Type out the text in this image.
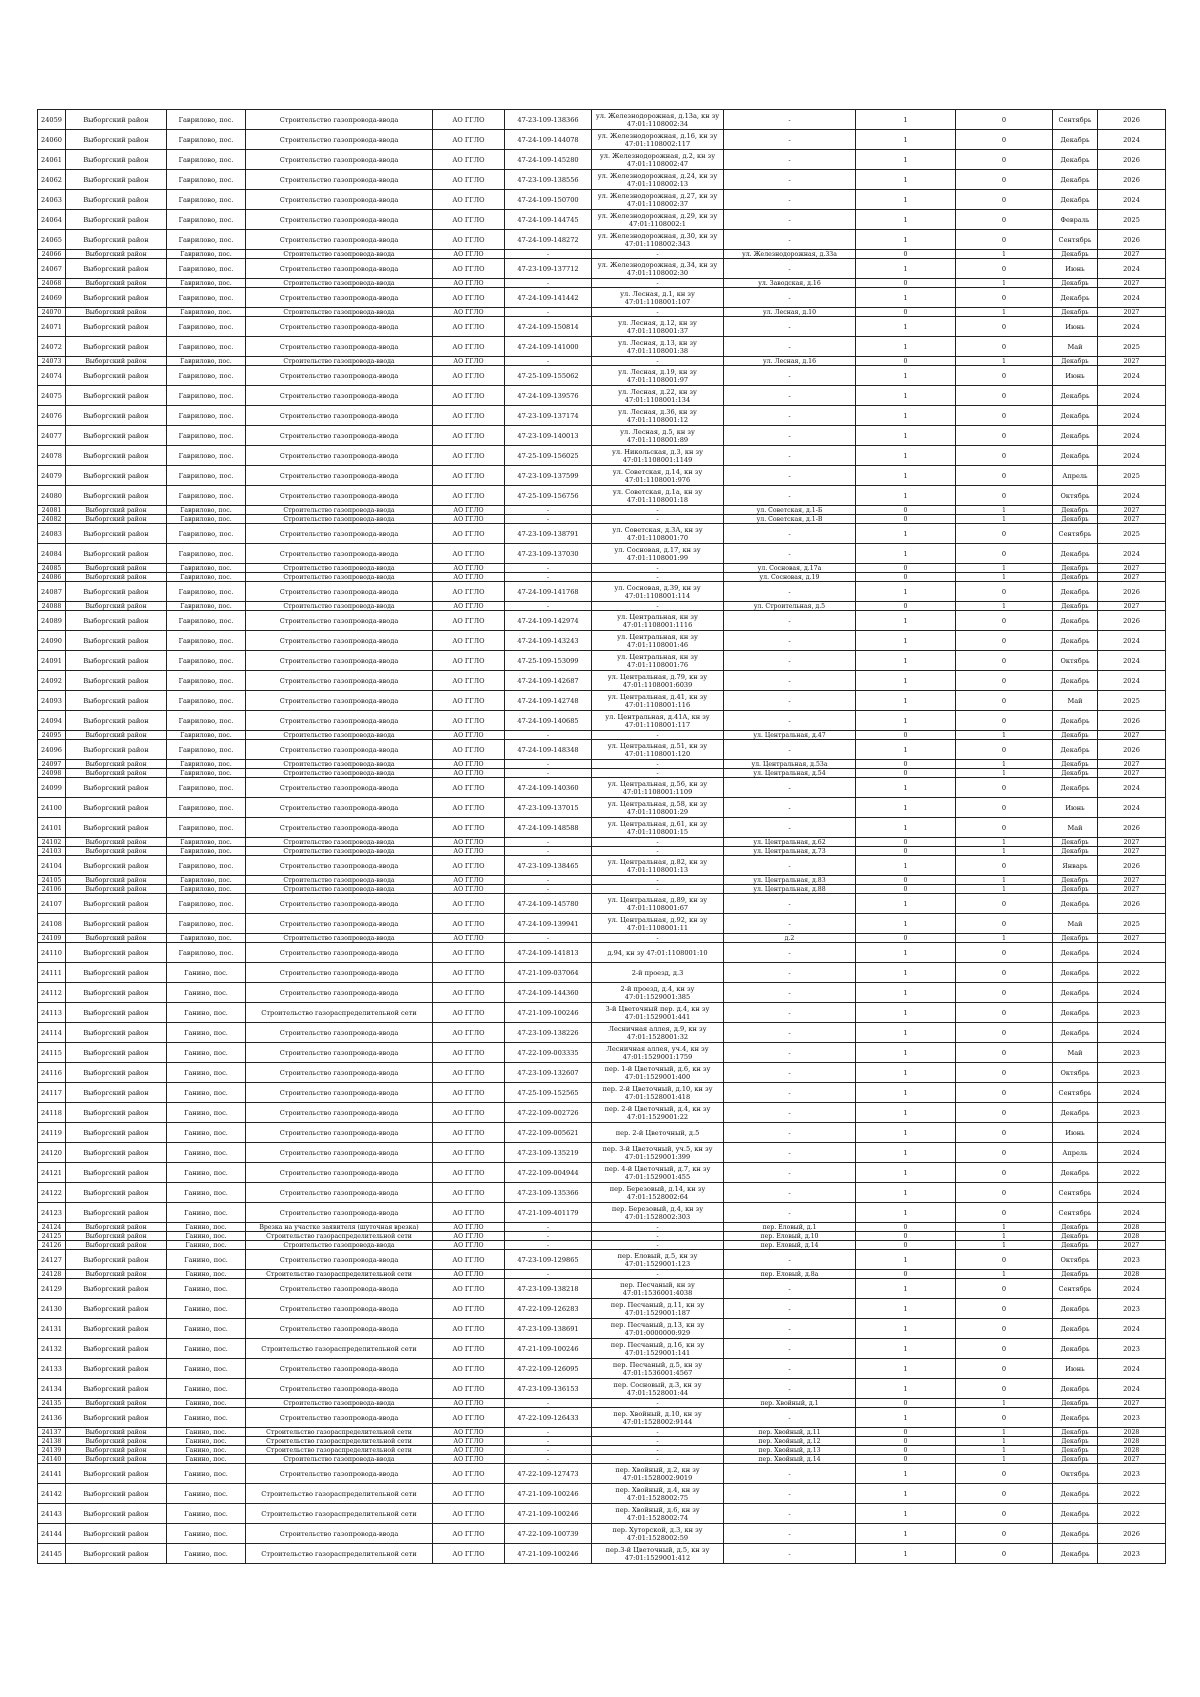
24059	Выборгский район	Гаврилово, пос.	Строительство газопровода-ввода	АО ГГЛО	47-23-109-138366	ул. Железнодорожная, д.13а, кн зу 47:01:1108002:34	-	1	0	Сентябрь	2026
24060	Выборгский район	Гаврилово, пос.	Строительство газопровода-ввода	АО ГГЛО	47-24-109-144078	ул. Железнодорожная, д.16, кн зу 47:01:1108002:117	-	1	0	Декабрь	2024
24061	Выборгский район	Гаврилово, пос.	Строительство газопровода-ввода	АО ГГЛО	47-24-109-145280	ул. Железнодорожная, д.2, кн зу 47:01:1108002:47	-	1	0	Декабрь	2026
24062	Выборгский район	Гаврилово, пос.	Строительство газопровода-ввода	АО ГГЛО	47-23-109-138556	ул. Железнодорожная, д.24, кн зу 47:01:1108002:13	-	1	0	Декабрь	2026
24063	Выборгский район	Гаврилово, пос.	Строительство газопровода-ввода	АО ГГЛО	47-24-109-150700	ул. Железнодорожная, д.27, кн зу 47:01:1108002:37	-	1	0	Декабрь	2024
24064	Выборгский район	Гаврилово, пос.	Строительство газопровода-ввода	АО ГГЛО	47-24-109-144745	ул. Железнодорожная, д.29, кн зу 47:01:1108002:1	-	1	0	Февраль	2025
24065	Выборгский район	Гаврилово, пос.	Строительство газопровода-ввода	АО ГГЛО	47-24-109-148272	ул. Железнодорожная, д.30, кн зу 47:01:1108002:343	-	1	0	Сентябрь	2026
24066	Выборгский район	Гаврилово, пос.	Строительство газопровода-ввода	АО ГГЛО	-	-	ул. Железнодорожная, д.33а	0	1	Декабрь	2027
24067	Выборгский район	Гаврилово, пос.	Строительство газопровода-ввода	АО ГГЛО	47-23-109-137712	ул. Железнодорожная, д.34, кн зу 47:01:1108002:30	-	1	0	Июнь	2024
24068	Выборгский район	Гаврилово, пос.	Строительство газопровода-ввода	АО ГГЛО	-	-	ул. Заводская, д.16	0	1	Декабрь	2027
24069	Выборгский район	Гаврилово, пос.	Строительство газопровода-ввода	АО ГГЛО	47-24-109-141442	ул. Лесная, д.1, кн зу 47:01:1108001:107	-	1	0	Декабрь	2024
24070	Выборгский район	Гаврилово, пос.	Строительство газопровода-ввода	АО ГГЛО	-	-	ул. Лесная, д.10	0	1	Декабрь	2027
24071	Выборгский район	Гаврилово, пос.	Строительство газопровода-ввода	АО ГГЛО	47-24-109-150814	ул. Лесная, д.12, кн зу 47:01:1108001:37	-	1	0	Июнь	2024
24072	Выборгский район	Гаврилово, пос.	Строительство газопровода-ввода	АО ГГЛО	47-24-109-141000	ул. Лесная, д.13, кн зу 47:01:1108001:38	-	1	0	Май	2025
24073	Выборгский район	Гаврилово, пос.	Строительство газопровода-ввода	АО ГГЛО	-	-	ул. Лесная, д.16	0	1	Декабрь	2027
24074	Выборгский район	Гаврилово, пос.	Строительство газопровода-ввода	АО ГГЛО	47-25-109-155062	ул. Лесная, д.19, кн зу 47:01:1108001:97	-	1	0	Июнь	2024
24075	Выборгский район	Гаврилово, пос.	Строительство газопровода-ввода	АО ГГЛО	47-24-109-139576	ул. Лесная, д.22, кн зу 47:01:1108001:134	-	1	0	Декабрь	2024
24076	Выборгский район	Гаврилово, пос.	Строительство газопровода-ввода	АО ГГЛО	47-23-109-137174	ул. Лесная, д.36, кн зу 47:01:1108001:12	-	1	0	Декабрь	2024
24077	Выборгский район	Гаврилово, пос.	Строительство газопровода-ввода	АО ГГЛО	47-23-109-140013	ул. Лесная, д.5, кн зу 47:01:1108001:89	-	1	0	Декабрь	2024
24078	Выборгский район	Гаврилово, пос.	Строительство газопровода-ввода	АО ГГЛО	47-25-109-156025	ул. Никольская, д.3, кн зу 47:01:1108001:1149	-	1	0	Декабрь	2024
24079	Выборгский район	Гаврилово, пос.	Строительство газопровода-ввода	АО ГГЛО	47-23-109-137599	ул. Советская, д.14, кн зу 47:01:1108001:976	-	1	0	Апрель	2025
24080	Выборгский район	Гаврилово, пос.	Строительство газопровода-ввода	АО ГГЛО	47-25-109-156756	ул. Советская, д.1а, кн зу 47:01:1108001:18	-	1	0	Октябрь	2024
24081	Выборгский район	Гаврилово, пос.	Строительство газопровода-ввода	АО ГГЛО	-	-	ул. Советская, д.1-Б	0	1	Декабрь	2027
24082	Выборгский район	Гаврилово, пос.	Строительство газопровода-ввода	АО ГГЛО	-	-	ул. Советская, д.1-В	0	1	Декабрь	2027
24083	Выборгский район	Гаврилово, пос.	Строительство газопровода-ввода	АО ГГЛО	47-23-109-138791	ул. Советская, д.3А, кн зу 47:01:1108001:70	-	1	0	Сентябрь	2025
24084	Выборгский район	Гаврилово, пос.	Строительство газопровода-ввода	АО ГГЛО	47-23-109-137030	ул. Сосновая, д.17, кн зу 47:01:1108001:99	-	1	0	Декабрь	2024
24085	Выборгский район	Гаврилово, пос.	Строительство газопровода-ввода	АО ГГЛО	-	-	ул. Сосновая, д.17а	0	1	Декабрь	2027
24086	Выборгский район	Гаврилово, пос.	Строительство газопровода-ввода	АО ГГЛО	-	-	ул. Сосновая, д.19	0	1	Декабрь	2027
24087	Выборгский район	Гаврилово, пос.	Строительство газопровода-ввода	АО ГГЛО	47-24-109-141768	ул. Сосновая, д.39, кн зу 47:01:1108001:114	-	1	0	Декабрь	2026
24088	Выборгский район	Гаврилово, пос.	Строительство газопровода-ввода	АО ГГЛО	-	-	ул. Строительная, д.5	0	1	Декабрь	2027
24089	Выборгский район	Гаврилово, пос.	Строительство газопровода-ввода	АО ГГЛО	47-24-109-142974	ул. Центральная, кн зу 47:01:1108001:1116	-	1	0	Декабрь	2026
24090	Выборгский район	Гаврилово, пос.	Строительство газопровода-ввода	АО ГГЛО	47-24-109-143243	ул. Центральная, кн зу 47:01:1108001:46	-	1	0	Декабрь	2024
24091	Выборгский район	Гаврилово, пос.	Строительство газопровода-ввода	АО ГГЛО	47-25-109-153099	ул. Центральная, кн зу 47:01:1108001:76	-	1	0	Октябрь	2024
24092	Выборгский район	Гаврилово, пос.	Строительство газопровода-ввода	АО ГГЛО	47-24-109-142687	ул. Центральная, д.79, кн зу 47:01:1108001:6039	-	1	0	Декабрь	2024
24093	Выборгский район	Гаврилово, пос.	Строительство газопровода-ввода	АО ГГЛО	47-24-109-142748	ул. Центральная, д.41, кн зу 47:01:1108001:116	-	1	0	Май	2025
24094	Выборгский район	Гаврилово, пос.	Строительство газопровода-ввода	АО ГГЛО	47-24-109-140685	ул. Центральная, д.41А, кн зу 47:01:1108001:117	-	1	0	Декабрь	2026
24095	Выборгский район	Гаврилово, пос.	Строительство газопровода-ввода	АО ГГЛО	-	-	ул. Центральная, д.47	0	1	Декабрь	2027
24096	Выборгский район	Гаврилово, пос.	Строительство газопровода-ввода	АО ГГЛО	47-24-109-148348	ул. Центральная, д.51, кн зу 47:01:1108001:120	-	1	0	Декабрь	2026
24097	Выборгский район	Гаврилово, пос.	Строительство газопровода-ввода	АО ГГЛО	-	-	ул. Центральная, д.53а	0	1	Декабрь	2027
24098	Выборгский район	Гаврилово, пос.	Строительство газопровода-ввода	АО ГГЛО	-	-	ул. Центральная, д.54	0	1	Декабрь	2027
24099	Выборгский район	Гаврилово, пос.	Строительство газопровода-ввода	АО ГГЛО	47-24-109-140360	ул. Центральная, д.56, кн зу 47:01:1108001:1109	-	1	0	Декабрь	2024
24100	Выборгский район	Гаврилово, пос.	Строительство газопровода-ввода	АО ГГЛО	47-23-109-137015	ул. Центральная, д.58, кн зу 47:01:1108001:29	-	1	0	Июнь	2024
24101	Выборгский район	Гаврилово, пос.	Строительство газопровода-ввода	АО ГГЛО	47-24-109-148588	ул. Центральная, д.61, кн зу 47:01:1108001:15	-	1	0	Май	2026
24102	Выборгский район	Гаврилово, пос.	Строительство газопровода-ввода	АО ГГЛО	-	-	ул. Центральная, д.62	0	1	Декабрь	2027
24103	Выборгский район	Гаврилово, пос.	Строительство газопровода-ввода	АО ГГЛО	-	-	ул. Центральная, д.73	0	1	Декабрь	2027
24104	Выборгский район	Гаврилово, пос.	Строительство газопровода-ввода	АО ГГЛО	47-23-109-138465	ул. Центральная, д.82, кн зу 47:01:1108001:13	-	1	0	Январь	2026
24105	Выборгский район	Гаврилово, пос.	Строительство газопровода-ввода	АО ГГЛО	-	-	ул. Центральная, д.83	0	1	Декабрь	2027
24106	Выборгский район	Гаврилово, пос.	Строительство газопровода-ввода	АО ГГЛО	-	-	ул. Центральная, д.88	0	1	Декабрь	2027
24107	Выборгский район	Гаврилово, пос.	Строительство газопровода-ввода	АО ГГЛО	47-24-109-145780	ул. Центральная, д.89, кн зу 47:01:1108001:67	-	1	0	Декабрь	2026
24108	Выборгский район	Гаврилово, пос.	Строительство газопровода-ввода	АО ГГЛО	47-24-109-139941	ул. Центральная, д.92, кн зу 47:01:1108001:11	-	1	0	Май	2025
24109	Выборгский район	Гаврилово, пос.	Строительство газопровода-ввода	АО ГГЛО	-	-	д.2	0	1	Декабрь	2027
24110	Выборгский район	Гаврилово, пос.	Строительство газопровода-ввода	АО ГГЛО	47-24-109-141813	д.94, кн зу 47:01:1108001:10	-	1	0	Декабрь	2024
24111	Выборгский район	Ганино, пос.	Строительство газопровода-ввода	АО ГГЛО	47-21-109-037064	2-й проезд, д.3	-	1	0	Декабрь	2022
24112	Выборгский район	Ганино, пос.	Строительство газопровода-ввода	АО ГГЛО	47-24-109-144360	2-й проезд, д.4, кн зу 47:01:1529001:385	-	1	0	Декабрь	2024
24113	Выборгский район	Ганино, пос.	Строительство газораспределительной сети	АО ГГЛО	47-21-109-100246	3-й Цветочный пер. д.4, кн зу 47:01:1529001:441	-	1	0	Декабрь	2023
24114	Выборгский район	Ганино, пос.	Строительство газопровода-ввода	АО ГГЛО	47-23-109-138226	Лесничная аллея, д.9, кн зу 47:01:1528001:32	-	1	0	Декабрь	2024
24115	Выборгский район	Ганино, пос.	Строительство газопровода-ввода	АО ГГЛО	47-22-109-003335	Лесничная аллея, уч.4, кн зу 47:01:1529001:1759	-	1	0	Май	2023
24116	Выборгский район	Ганино, пос.	Строительство газопровода-ввода	АО ГГЛО	47-23-109-132607	пер. 1-й Цветочный, д.6, кн зу 47:01:1529001:400	-	1	0	Октябрь	2023
24117	Выборгский район	Ганино, пос.	Строительство газопровода-ввода	АО ГГЛО	47-25-109-152565	пер. 2-й Цветочный, д.10, кн зу 47:01:1528001:418	-	1	0	Сентябрь	2024
24118	Выборгский район	Ганино, пос.	Строительство газопровода-ввода	АО ГГЛО	47-22-109-002726	пер. 2-й Цветочный, д.4, кн зу 47:01:1529001:22	-	1	0	Декабрь	2023
24119	Выборгский район	Ганино, пос.	Строительство газопровода-ввода	АО ГГЛО	47-22-109-005621	пер. 2-й Цветочный, д.5	-	1	0	Июнь	2024
24120	Выборгский район	Ганино, пос.	Строительство газопровода-ввода	АО ГГЛО	47-23-109-135219	пер. 3-й Цветочный, уч.5, кн зу 47:01:1529001:399	-	1	0	Апрель	2024
24121	Выборгский район	Ганино, пос.	Строительство газопровода-ввода	АО ГГЛО	47-22-109-004944	пер. 4-й Цветочный, д.7, кн зу 47:01:1529001:455	-	1	0	Декабрь	2022
24122	Выборгский район	Ганино, пос.	Строительство газопровода-ввода	АО ГГЛО	47-23-109-135366	пер. Березовый, д.14, кн зу 47:01:1528002:64	-	1	0	Сентябрь	2024
24123	Выборгский район	Ганино, пос.	Строительство газопровода-ввода	АО ГГЛО	47-21-109-401179	пер. Березовый, д.4, кн зу 47:01:1528002:303	-	1	0	Сентябрь	2024
24124	Выборгский район	Ганино, пос.	Врезка на участке заявителя (шуточная врезка)	АО ГГЛО	-	-	пер. Еловый, д.1	0	1	Декабрь	2028
24125	Выборгский район	Ганино, пос.	Строительство газораспределительной сети	АО ГГЛО	-	-	пер. Еловый, д.10	0	1	Декабрь	2028
24126	Выборгский район	Ганино, пос.	Строительство газопровода-ввода	АО ГГЛО	-	-	пер. Еловый, д.14	0	1	Декабрь	2027
24127	Выборгский район	Ганино, пос.	Строительство газопровода-ввода	АО ГГЛО	47-23-109-129865	пер. Еловый, д.5, кн зу 47:01:1529001:123	-	1	0	Октябрь	2023
24128	Выборгский район	Ганино, пос.	Строительство газораспределительной сети	АО ГГЛО	-	-	пер. Еловый, д.8а	0	1	Декабрь	2028
24129	Выборгский район	Ганино, пос.	Строительство газопровода-ввода	АО ГГЛО	47-23-109-138218	пер. Песчаный, кн зу 47:01:1536001:4038	-	1	0	Сентябрь	2024
24130	Выборгский район	Ганино, пос.	Строительство газопровода-ввода	АО ГГЛО	47-22-109-126283	пер. Песчаный, д.11, кн зу 47:01:1529001:187	-	1	0	Декабрь	2023
24131	Выборгский район	Ганино, пос.	Строительство газопровода-ввода	АО ГГЛО	47-23-109-138691	пер. Песчаный, д.13, кн зу 47:01:0000000:929	-	1	0	Декабрь	2024
24132	Выборгский район	Ганино, пос.	Строительство газораспределительной сети	АО ГГЛО	47-21-109-100246	пер. Песчаный, д.16, кн зу 47:01:1529001:141	-	1	0	Декабрь	2023
24133	Выборгский район	Ганино, пос.	Строительство газопровода-ввода	АО ГГЛО	47-22-109-126095	пер. Песчаный, д.5, кн зу 47:01:1536001:4567	-	1	0	Июнь	2024
24134	Выборгский район	Ганино, пос.	Строительство газопровода-ввода	АО ГГЛО	47-23-109-136153	пер. Сосновый, д.3, кн зу 47:01:1528001:44	-	1	0	Декабрь	2024
24135	Выборгский район	Ганино, пос.	Строительство газопровода-ввода	АО ГГЛО	-	-	пер. Хвойный, д.1	0	1	Декабрь	2027
24136	Выборгский район	Ганино, пос.	Строительство газопровода-ввода	АО ГГЛО	47-22-109-126433	пер. Хвойный, д.10, кн зу 47:01:1528002:9144	-	1	0	Декабрь	2023
24137	Выборгский район	Ганино, пос.	Строительство газораспределительной сети	АО ГГЛО	-	-	пер. Хвойный, д.11	0	1	Декабрь	2028
24138	Выборгский район	Ганино, пос.	Строительство газораспределительной сети	АО ГГЛО	-	-	пер. Хвойный, д.12	0	1	Декабрь	2028
24139	Выборгский район	Ганино, пос.	Строительство газораспределительной сети	АО ГГЛО	-	-	пер. Хвойный, д.13	0	1	Декабрь	2028
24140	Выборгский район	Ганино, пос.	Строительство газопровода-ввода	АО ГГЛО	-	-	пер. Хвойный, д.14	0	1	Декабрь	2027
24141	Выборгский район	Ганино, пос.	Строительство газопровода-ввода	АО ГГЛО	47-22-109-127473	пер. Хвойный, д.2, кн зу 47:01:1528002:9019	-	1	0	Октябрь	2023
24142	Выборгский район	Ганино, пос.	Строительство газораспределительной сети	АО ГГЛО	47-21-109-100246	пер. Хвойный, д.4, кн зу 47:01:1528002:75	-	1	0	Декабрь	2022
24143	Выборгский район	Ганино, пос.	Строительство газораспределительной сети	АО ГГЛО	47-21-109-100246	пер. Хвойный, д.6, кн зу 47:01:1528002:74	-	1	0	Декабрь	2022
24144	Выборгский район	Ганино, пос.	Строительство газопровода-ввода	АО ГГЛО	47-22-109-100739	пер. Хуторской, д.3, кн зу 47:01:1528002:59	-	1	0	Декабрь	2026
24145	Выборгский район	Ганино, пос.	Строительство газораспределительной сети	АО ГГЛО	47-21-109-100246	пер.3-й Цветочный, д.5, кн зу 47:01:1529001:412	-	1	0	Декабрь	2023
